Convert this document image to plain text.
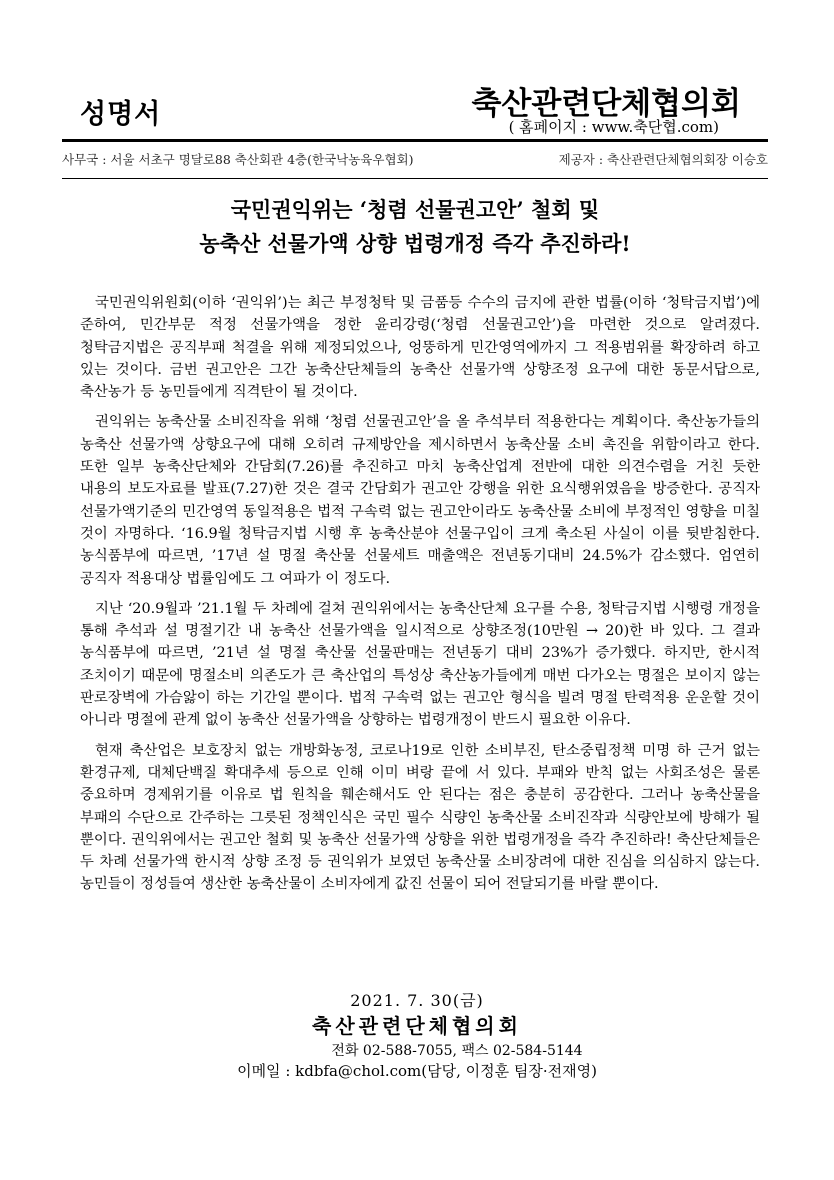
성명서	축산관련단체협의회
( 홈페이지 : www.축단협.com)
사무국 : 서울 서초구 명달로88 축산회관 4층(한국낙농육우협회)	제공자 : 축산관련단체협의회장 이승호
국민권익위는 ‘청렴 선물권고안’ 철회 및
농축산 선물가액 상향 법령개정 즉각 추진하라!

국민권익위원회(이하 ‘권익위’)는 최근 부정청탁 및 금품등 수수의 금지에 관한 법률(이하 ‘청탁금지법’)에 준하여, 민간부문 적정 선물가액을 정한 윤리강령(‘청렴 선물권고안’)을 마련한 것으로 알려졌다. 청탁금지법은 공직부패 척결을 위해 제정되었으나, 엉뚱하게 민간영역에까지 그 적용범위를 확장하려 하고 있는 것이다. 금번 권고안은 그간 농축산단체들의 농축산 선물가액 상향조정 요구에 대한 동문서답으로, 축산농가 등 농민들에게 직격탄이 될 것이다.

권익위는 농축산물 소비진작을 위해 ‘청렴 선물권고안’을 올 추석부터 적용한다는 계획이다. 축산농가들의 농축산 선물가액 상향요구에 대해 오히려 규제방안을 제시하면서 농축산물 소비 촉진을 위함이라고 한다. 또한 일부 농축산단체와 간담회(7.26)를 추진하고 마치 농축산업계 전반에 대한 의견수렴을 거친 듯한 내용의 보도자료를 발표(7.27)한 것은 결국 간담회가 권고안 강행을 위한 요식행위였음을 방증한다. 공직자 선물가액기준의 민간영역 동일적용은 법적 구속력 없는 권고안이라도 농축산물 소비에 부정적인 영향을 미칠 것이 자명하다. ‘16.9월 청탁금지법 시행 후 농축산분야 선물구입이 크게 축소된 사실이 이를 뒷받침한다. 농식품부에 따르면, ’17년 설 명절 축산물 선물세트 매출액은 전년동기대비 24.5%가 감소했다. 엄연히 공직자 적용대상 법률임에도 그 여파가 이 정도다.

지난 ‘20.9월과 ’21.1월 두 차례에 걸쳐 권익위에서는 농축산단체 요구를 수용, 청탁금지법 시행령 개정을 통해 추석과 설 명절기간 내 농축산 선물가액을 일시적으로 상향조정(10만원 → 20)한 바 있다. 그 결과 농식품부에 따르면, ’21년 설 명절 축산물 선물판매는 전년동기 대비 23%가 증가했다. 하지만, 한시적 조치이기 때문에 명절소비 의존도가 큰 축산업의 특성상 축산농가들에게 매번 다가오는 명절은 보이지 않는 판로장벽에 가슴앓이 하는 기간일 뿐이다. 법적 구속력 없는 권고안 형식을 빌려 명절 탄력적용 운운할 것이 아니라 명절에 관계 없이 농축산 선물가액을 상향하는 법령개정이 반드시 필요한 이유다.

현재 축산업은 보호장치 없는 개방화농정, 코로나19로 인한 소비부진, 탄소중립정책 미명 하 근거 없는 환경규제, 대체단백질 확대추세 등으로 인해 이미 벼랑 끝에 서 있다. 부패와 반칙 없는 사회조성은 물론 중요하며 경제위기를 이유로 법 원칙을 훼손해서도 안 된다는 점은 충분히 공감한다. 그러나 농축산물을 부패의 수단으로 간주하는 그릇된 정책인식은 국민 필수 식량인 농축산물 소비진작과 식량안보에 방해가 될 뿐이다. 권익위에서는 권고안 철회 및 농축산 선물가액 상향을 위한 법령개정을 즉각 추진하라! 축산단체들은 두 차례 선물가액 한시적 상향 조정 등 권익위가 보였던 농축산물 소비장려에 대한 진심을 의심하지 않는다. 농민들이 정성들여 생산한 농축산물이 소비자에게 값진 선물이 되어 전달되기를 바랄 뿐이다.

2021. 7. 30(금)
축산관련단체협의회
전화 02-588-7055, 팩스 02-584-5144
이메일 : kdbfa@chol.com(담당, 이정훈 팀장·전재영)
